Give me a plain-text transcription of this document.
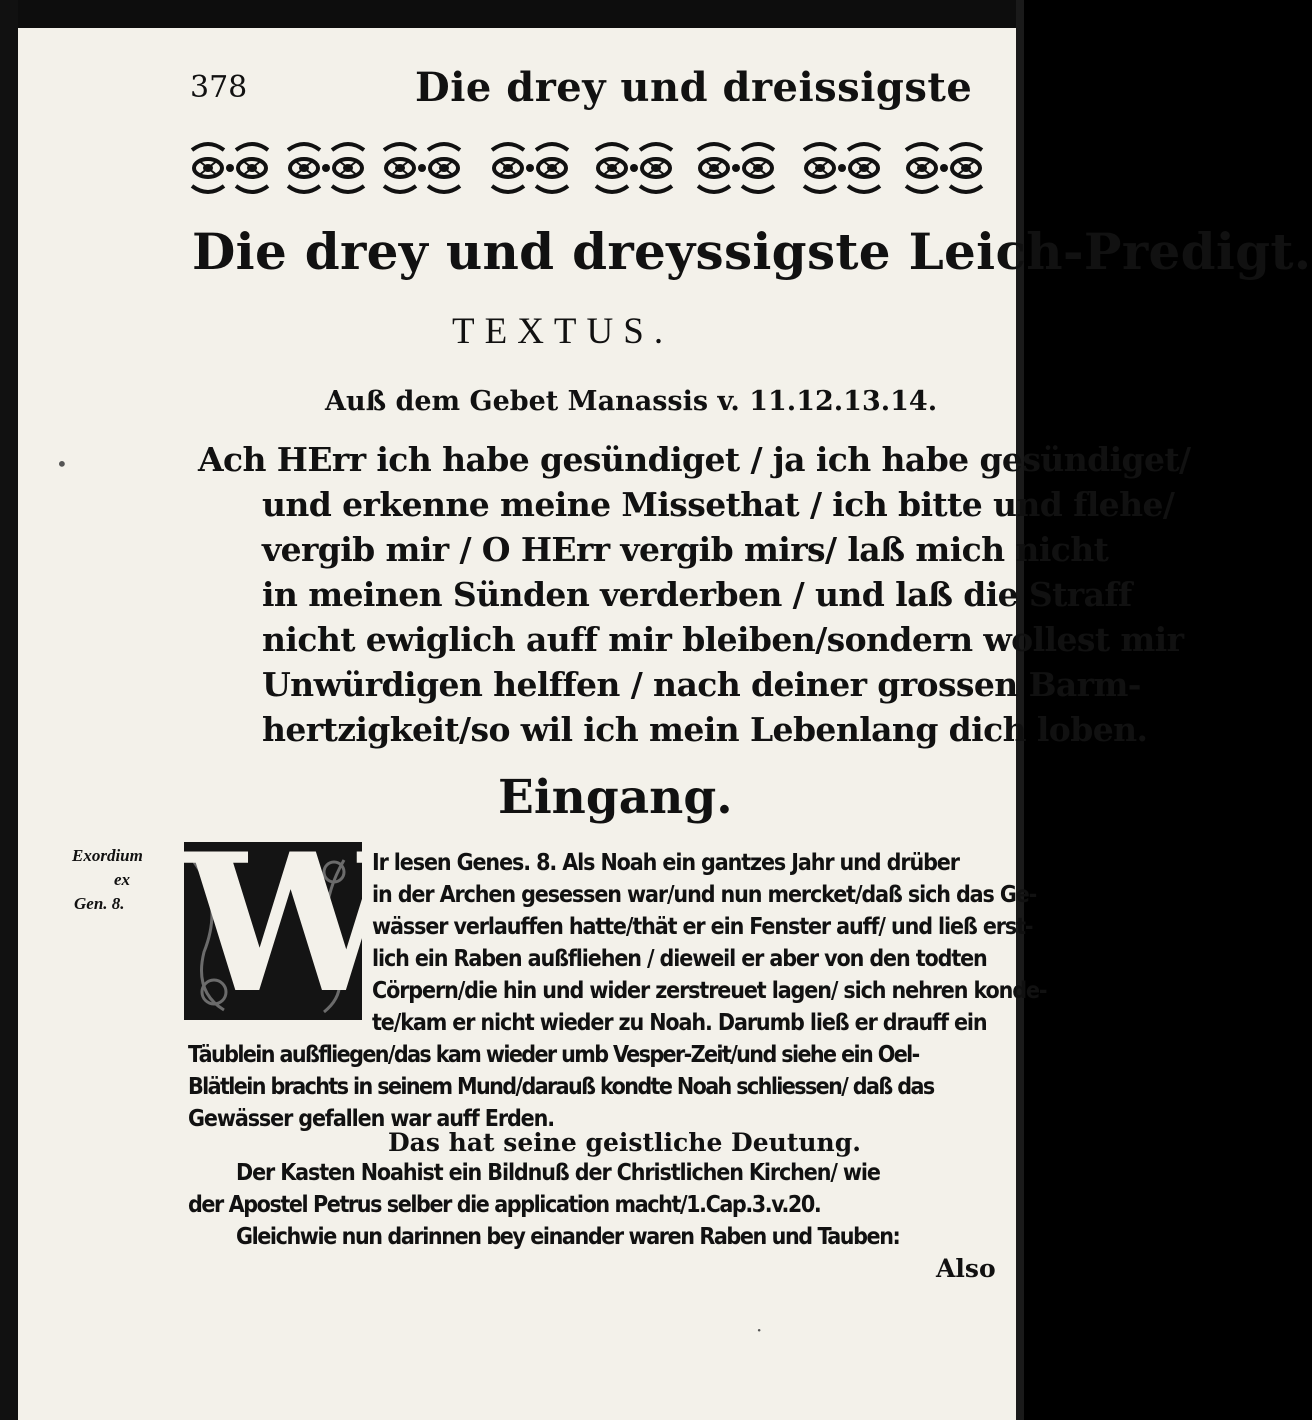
378	Die drey und dreissigste
Die drey und dreyssigste Leich-Predigt.
TEXTUS.
Auß dem Gebet Manassis v. 11.12.13.14.
•	Ach HErr ich habe gesündiget / ja ich habe gesündiget/
und erkenne meine Missethat / ich bitte und flehe/
vergib mir / O HErr vergib mirs/ laß mich nicht
in meinen Sünden verderben / und laß die Straff
nicht ewiglich auff mir bleiben/sondern wollest mir
Unwürdigen helffen / nach deiner grossen Barm-
hertzigkeit/so wil ich mein Lebenlang dich loben.
Eingang.
Exordium
ex
Gen. 8. W
Ir lesen Genes. 8. Als Noah ein gantzes Jahr und drüber
in der Archen gesessen war/und nun mercket/daß sich das Ge-
wässer verlauffen hatte/thät er ein Fenster auff/ und ließ erst-
lich ein Raben außfliehen / dieweil er aber von den todten
Cörpern/die hin und wider zerstreuet lagen/ sich nehren konde-
te/kam er nicht wieder zu Noah. Darumb ließ er drauff ein
Täublein außfliegen/das kam wieder umb Vesper-Zeit/und siehe ein Oel-
Blätlein brachts in seinem Mund/darauß kondte Noah schliessen/ daß das
Gewässer gefallen war auff Erden.
Das hat seine geistliche Deutung.
Der Kasten Noahist ein Bildnuß der Christlichen Kirchen/ wie
der Apostel Petrus selber die application macht/1.Cap.3.v.20.
Gleichwie nun darinnen bey einander waren Raben und Tauben:
Also
·
